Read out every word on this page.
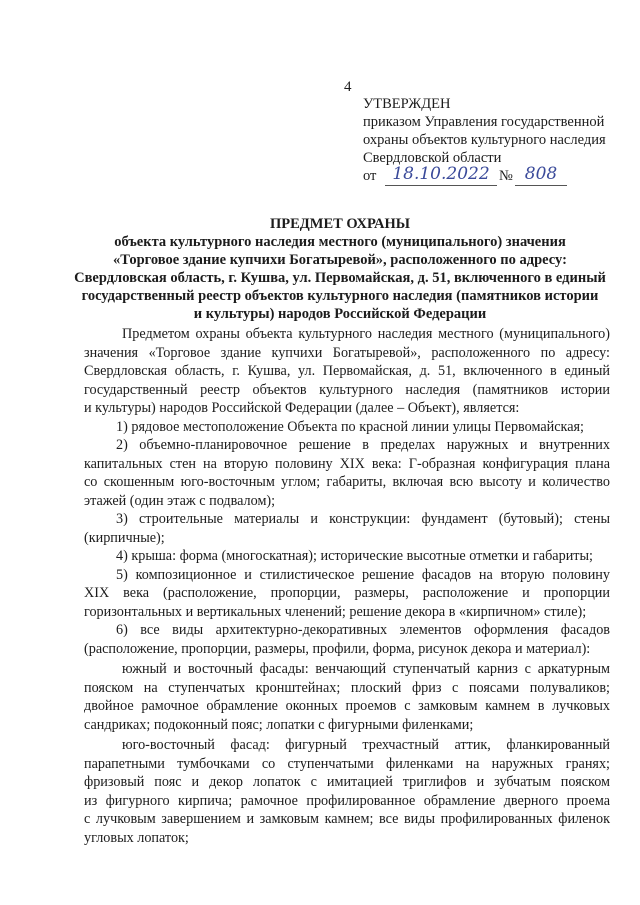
4
УТВЕРЖДЕН
приказом Управления государственной
охраны объектов культурного наследия
Свердловской области
от 18.10.2022 № 808
ПРЕДМЕТ ОХРАНЫ
объекта культурного наследия местного (муниципального) значения
«Торговое здание купчихи Богатыревой», расположенного по адресу:
Свердловская область, г. Кушва, ул. Первомайская, д. 51, включенного в единый
государственный реестр объектов культурного наследия (памятников истории
и культуры) народов Российской Федерации
Предметом охраны объекта культурного наследия местного (муниципального)
значения «Торговое здание купчихи Богатыревой», расположенного по адресу:
Свердловская область, г. Кушва, ул. Первомайская, д. 51, включенного в единый
государственный реестр объектов культурного наследия (памятников истории
и культуры) народов Российской Федерации (далее – Объект), является:
1) рядовое местоположение Объекта по красной линии улицы Первомайская;
2) объемно-планировочное решение в пределах наружных и внутренних
капитальных стен на вторую половину XIX века: Г-образная конфигурация плана
со скошенным юго-восточным углом; габариты, включая всю высоту и количество
этажей (один этаж с подвалом);
3) строительные материалы и конструкции: фундамент (бутовый); стены
(кирпичные);
4) крыша: форма (многоскатная); исторические высотные отметки и габариты;
5) композиционное и стилистическое решение фасадов на вторую половину
XIX века (расположение, пропорции, размеры, расположение и пропорции
горизонтальных и вертикальных членений; решение декора в «кирпичном» стиле);
6) все виды архитектурно-декоративных элементов оформления фасадов
(расположение, пропорции, размеры, профили, форма, рисунок декора и материал):
южный и восточный фасады: венчающий ступенчатый карниз с аркатурным
пояском на ступенчатых кронштейнах; плоский фриз с поясами полуваликов;
двойное рамочное обрамление оконных проемов с замковым камнем в лучковых
сандриках; подоконный пояс; лопатки с фигурными филенками;
юго-восточный фасад: фигурный трехчастный аттик, фланкированный
парапетными тумбочками со ступенчатыми филенками на наружных гранях;
фризовый пояс и декор лопаток с имитацией триглифов и зубчатым пояском
из фигурного кирпича; рамочное профилированное обрамление дверного проема
с лучковым завершением и замковым камнем; все виды профилированных филенок
угловых лопаток;
